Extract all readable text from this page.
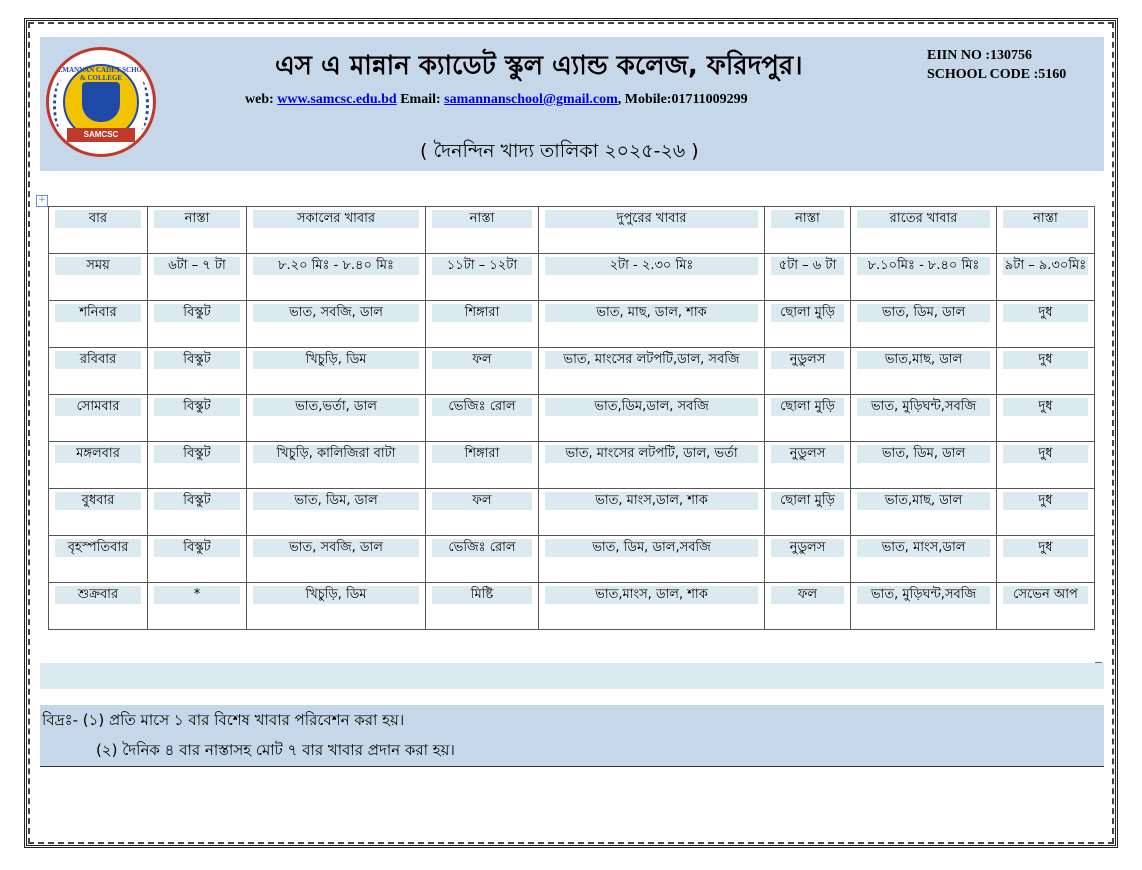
S.A.MANNAN CADET SCHOOL & COLLEGE
SAMCSC
এস এ মান্নান ক্যাডেট স্কুল এ্যান্ড কলেজ, ফরিদপুর।
web: www.samcsc.edu.bd Email: samannanschool@gmail.com, Mobile:01711009299
EIIN NO :130756
SCHOOL CODE :5160
( দৈনন্দিন খাদ্য তালিকা ২০২৫-২৬ )
+
বার	নাস্তা	সকালের খাবার	নাস্তা	দুপুরের খাবার	নাস্তা	রাতের খাবার	নাস্তা

সময়	৬টা – ৭ টা	৮.২০ মিঃ - ৮.৪০ মিঃ	১১টা – ১২টা	২টা - ২.৩০ মিঃ	৫টা – ৬ টা	৮.১০মিঃ - ৮.৪০ মিঃ	৯টা – ৯.৩০মিঃ

শনিবার	বিস্কুট	ভাত, সবজি, ডাল	শিঙ্গারা	ভাত, মাছ, ডাল, শাক	ছোলা মুড়ি	ভাত, ডিম, ডাল	দুধ

রবিবার	বিস্কুট	খিচুড়ি, ডিম	ফল	ভাত, মাংসের লটপটি,ডাল, সবজি	নুডুলস	ভাত,মাছ, ডাল	দুধ

সোমবার	বিস্কুট	ভাত,ভর্তা, ডাল	ভেজিঃ রোল	ভাত,ডিম,ডাল, সবজি	ছোলা মুড়ি	ভাত, মুড়িঘন্ট,সবজি	দুধ

মঙ্গলবার	বিস্কুট	খিচুড়ি, কালিজিরা বাটা	শিঙ্গারা	ভাত, মাংসের লটপটি, ডাল, ভর্তা	নুডুলস	ভাত, ডিম, ডাল	দুধ

বুধবার	বিস্কুট	ভাত, ডিম, ডাল	ফল	ভাত, মাংস,ডাল, শাক	ছোলা মুড়ি	ভাত,মাছ, ডাল	দুধ

বৃহস্পতিবার	বিস্কুট	ভাত, সবজি, ডাল	ভেজিঃ রোল	ভাত, ডিম, ডাল,সবজি	নুডুলস	ভাত, মাংস,ডাল	দুধ

শুক্রবার	*	খিচুড়ি, ডিম	মিষ্টি	ভাত,মাংস, ডাল, শাক	ফল	ভাত, মুড়িঘন্ট,সবজি	সেভেন আপ
বিদ্রঃ- (১) প্রতি মাসে ১ বার বিশেষ খাবার পরিবেশন করা হয়।
(২) দৈনিক ৪ বার নাস্তাসহ মোট ৭ বার খাবার প্রদান করা হয়।
